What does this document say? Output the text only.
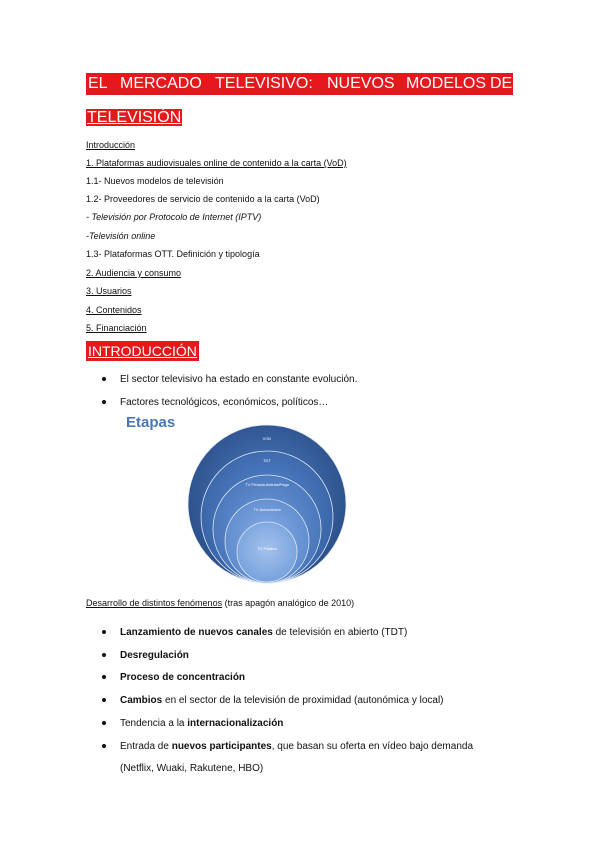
EL MERCADO TELEVISIVO: NUEVOS MODELOS DE
TELEVISIÓN
Introducción
1. Plataformas audiovisuales online de contenido a la carta (VoD)
1.1- Nuevos modelos de televisión
1.2- Proveedores de servicio de contenido a la carta (VoD)
- Televisión por Protocolo de Internet (IPTV)
-Televisión online
1.3- Plataformas OTT. Definición y tipología
2. Audiencia y consumo
3. Usuarios
4. Contenidos
5. Financiación
INTRODUCCIÓN
El sector televisivo ha estado en constante evolución.
Factores tecnológicos, económicos, políticos…
Etapas
VOD
TDT
TV Privada Abierta/Pago
TV Autonómica
TV Pública
Desarrollo de distintos fenómenos (tras apagón analógico de 2010)
Lanzamiento de nuevos canales de televisión en abierto (TDT)
Desregulación
Proceso de concentración
Cambios en el sector de la televisión de proximidad (autonómica y local)
Tendencia a la internacionalización
Entrada de nuevos participantes, que basan su oferta en vídeo bajo demanda
(Netflix, Wuaki, Rakutene, HBO)
